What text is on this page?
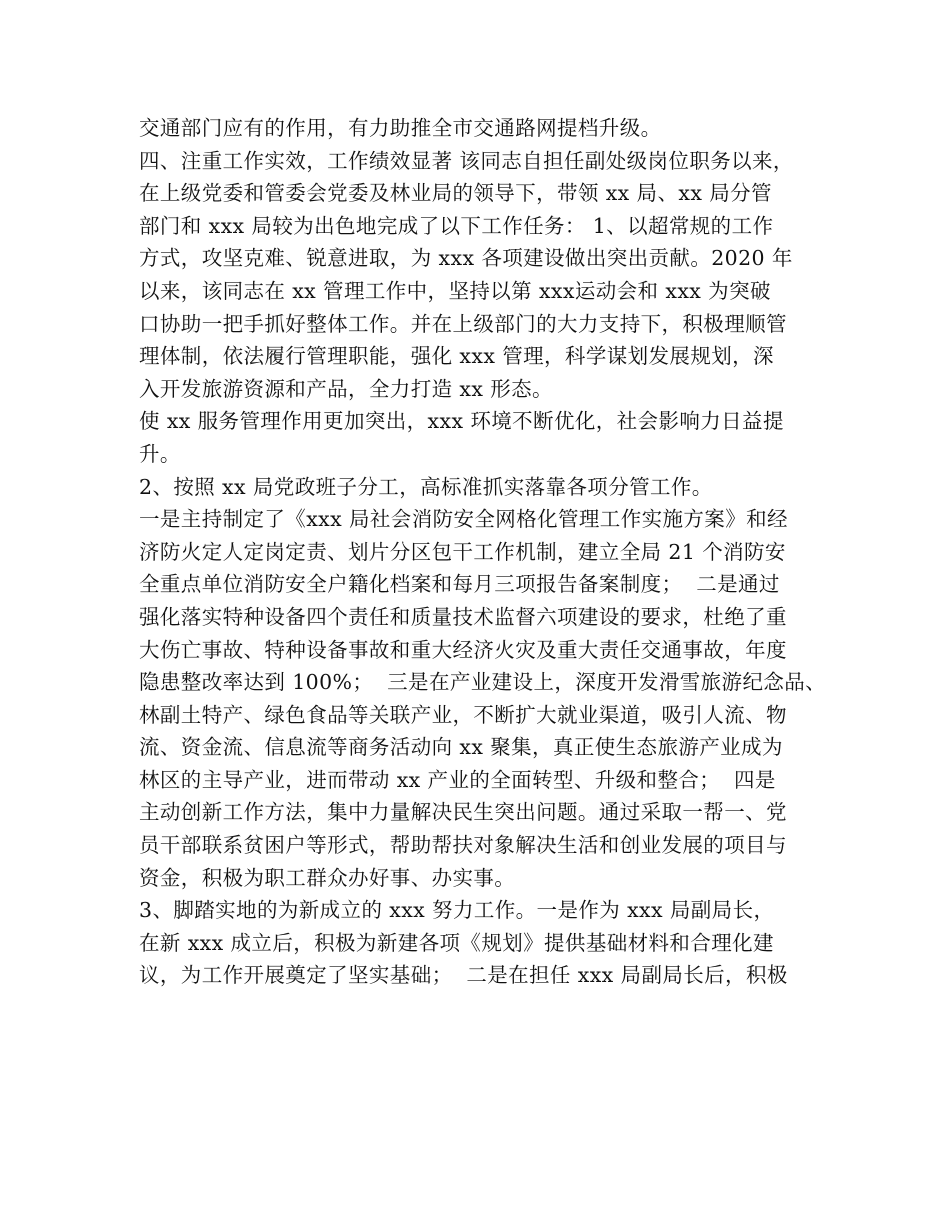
交通部门应有的作用，有力助推全市交通路网提档升级。
四、注重工作实效，工作绩效显著 该同志自担任副处级岗位职务以来，
在上级党委和管委会党委及林业局的领导下，带领 xx 局、xx 局分管
部门和 xxx 局较为出色地完成了以下工作任务： 1、以超常规的工作
方式，攻坚克难、锐意进取，为 xxx 各项建设做出突出贡献。2020 年
以来，该同志在 xx 管理工作中，坚持以第 xxx运动会和 xxx 为突破
口协助一把手抓好整体工作。并在上级部门的大力支持下，积极理顺管
理体制，依法履行管理职能，强化 xxx 管理，科学谋划发展规划，深
入开发旅游资源和产品，全力打造 xx 形态。
使 xx 服务管理作用更加突出，xxx 环境不断优化，社会影响力日益提
升。
2、按照 xx 局党政班子分工，高标准抓实落靠各项分管工作。
一是主持制定了《xxx 局社会消防安全网格化管理工作实施方案》和经
济防火定人定岗定责、划片分区包干工作机制，建立全局 21 个消防安
全重点单位消防安全户籍化档案和每月三项报告备案制度；  二是通过
强化落实特种设备四个责任和质量技术监督六项建设的要求，杜绝了重
大伤亡事故、特种设备事故和重大经济火灾及重大责任交通事故，年度
隐患整改率达到 100%；  三是在产业建设上，深度开发滑雪旅游纪念品、
林副土特产、绿色食品等关联产业，不断扩大就业渠道，吸引人流、物
流、资金流、信息流等商务活动向 xx 聚集，真正使生态旅游产业成为
林区的主导产业，进而带动 xx 产业的全面转型、升级和整合；  四是
主动创新工作方法，集中力量解决民生突出问题。通过采取一帮一、党
员干部联系贫困户等形式，帮助帮扶对象解决生活和创业发展的项目与
资金，积极为职工群众办好事、办实事。
3、脚踏实地的为新成立的 xxx 努力工作。一是作为 xxx 局副局长，
在新 xxx 成立后，积极为新建各项《规划》提供基础材料和合理化建
议，为工作开展奠定了坚实基础；  二是在担任 xxx 局副局长后，积极
